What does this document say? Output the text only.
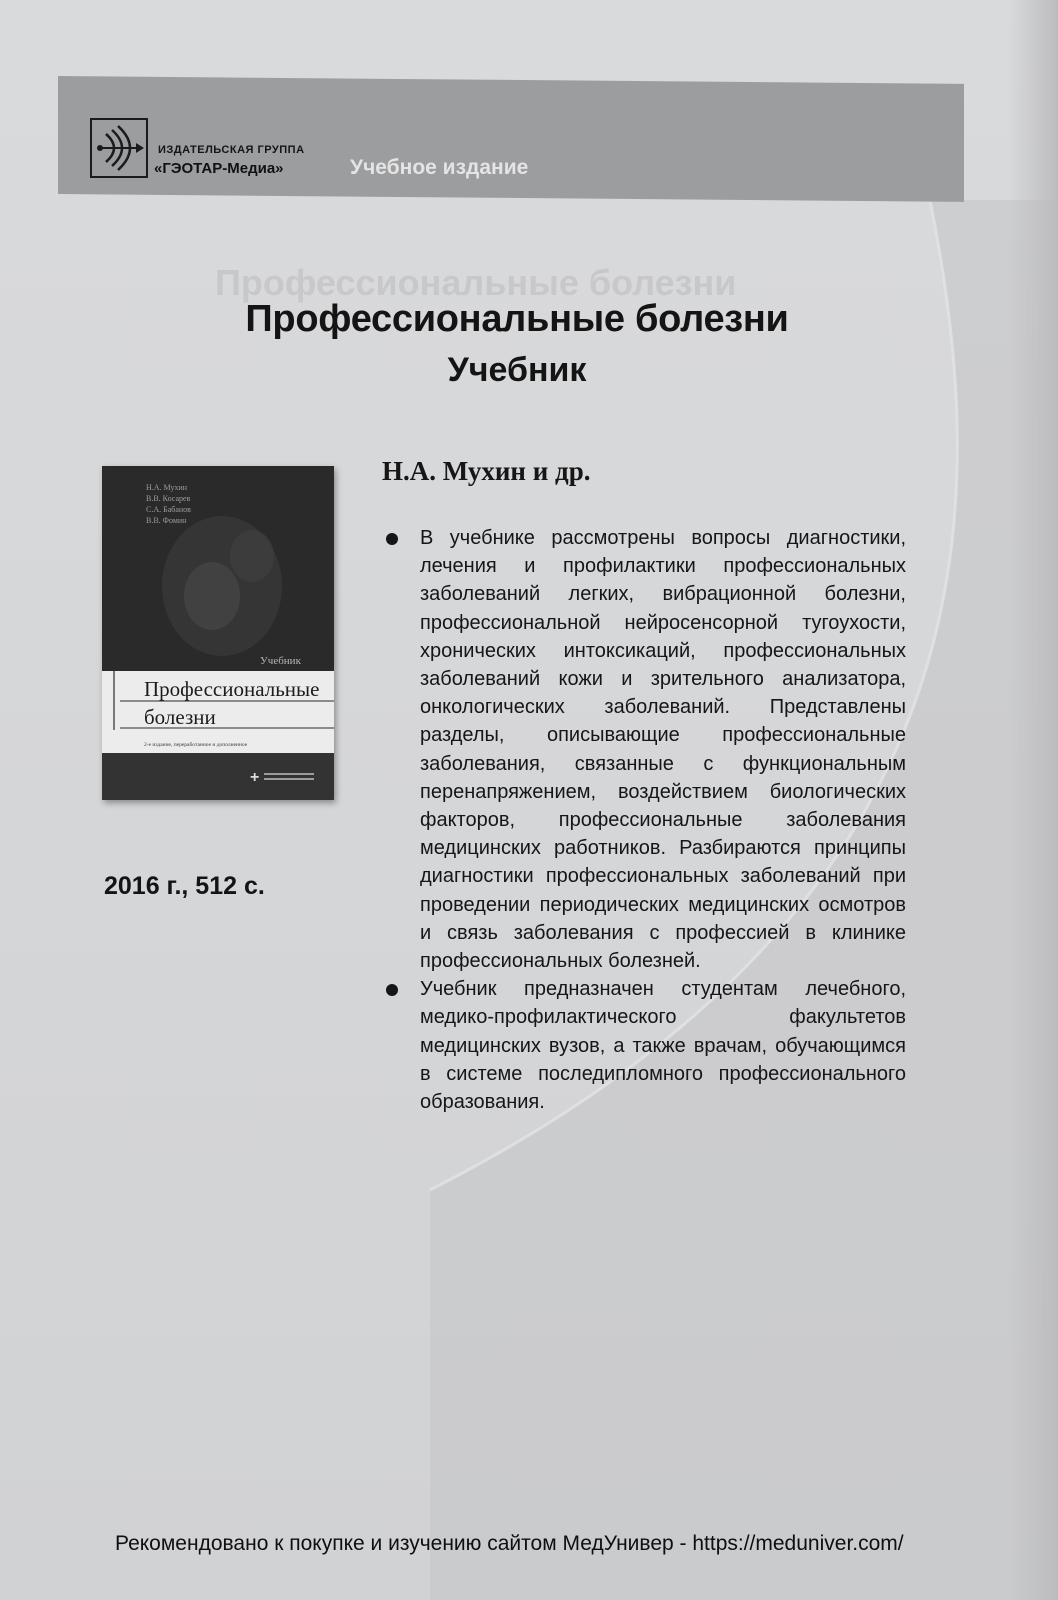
Профессиональные болезни
ИЗДАТЕЛЬСКАЯ ГРУППА
«ГЭОТАР-Медиа»	Учебное издание
Профессиональные болезни
Учебник
Н.А. Мухин
В.В. Косарев
С.А. Бабанов
В.В. Фомин
Учебник
Профессиональные
болезни
2-е издание, переработанное и дополненное
+
Н.А. Мухин и др.
В учебнике рассмотрены вопросы диагностики, лечения и профилактики профессиональных заболеваний легких, вибрационной болезни, профессиональной нейросенсорной тугоухости, хронических интоксикаций, профессиональных заболеваний кожи и зрительного анализатора, онкологических заболеваний. Представлены разделы, описывающие профессиональные заболевания, связанные с функциональным перенапряжением, воздействием биологических факторов, профессиональные заболевания медицинских работников. Разбираются принципы диагностики профессиональных заболеваний при проведении периодических медицинских осмотров и связь заболевания с профессией в клинике профессиональных болезней.
Учебник предназначен студентам лечебного, медико-профилактического факультетов медицинских вузов, а также врачам, обучающимся в системе последипломного профессионального образования.
2016 г., 512 с.
Рекомендовано к покупке и изучению сайтом МедУнивер - https://meduniver.com/
